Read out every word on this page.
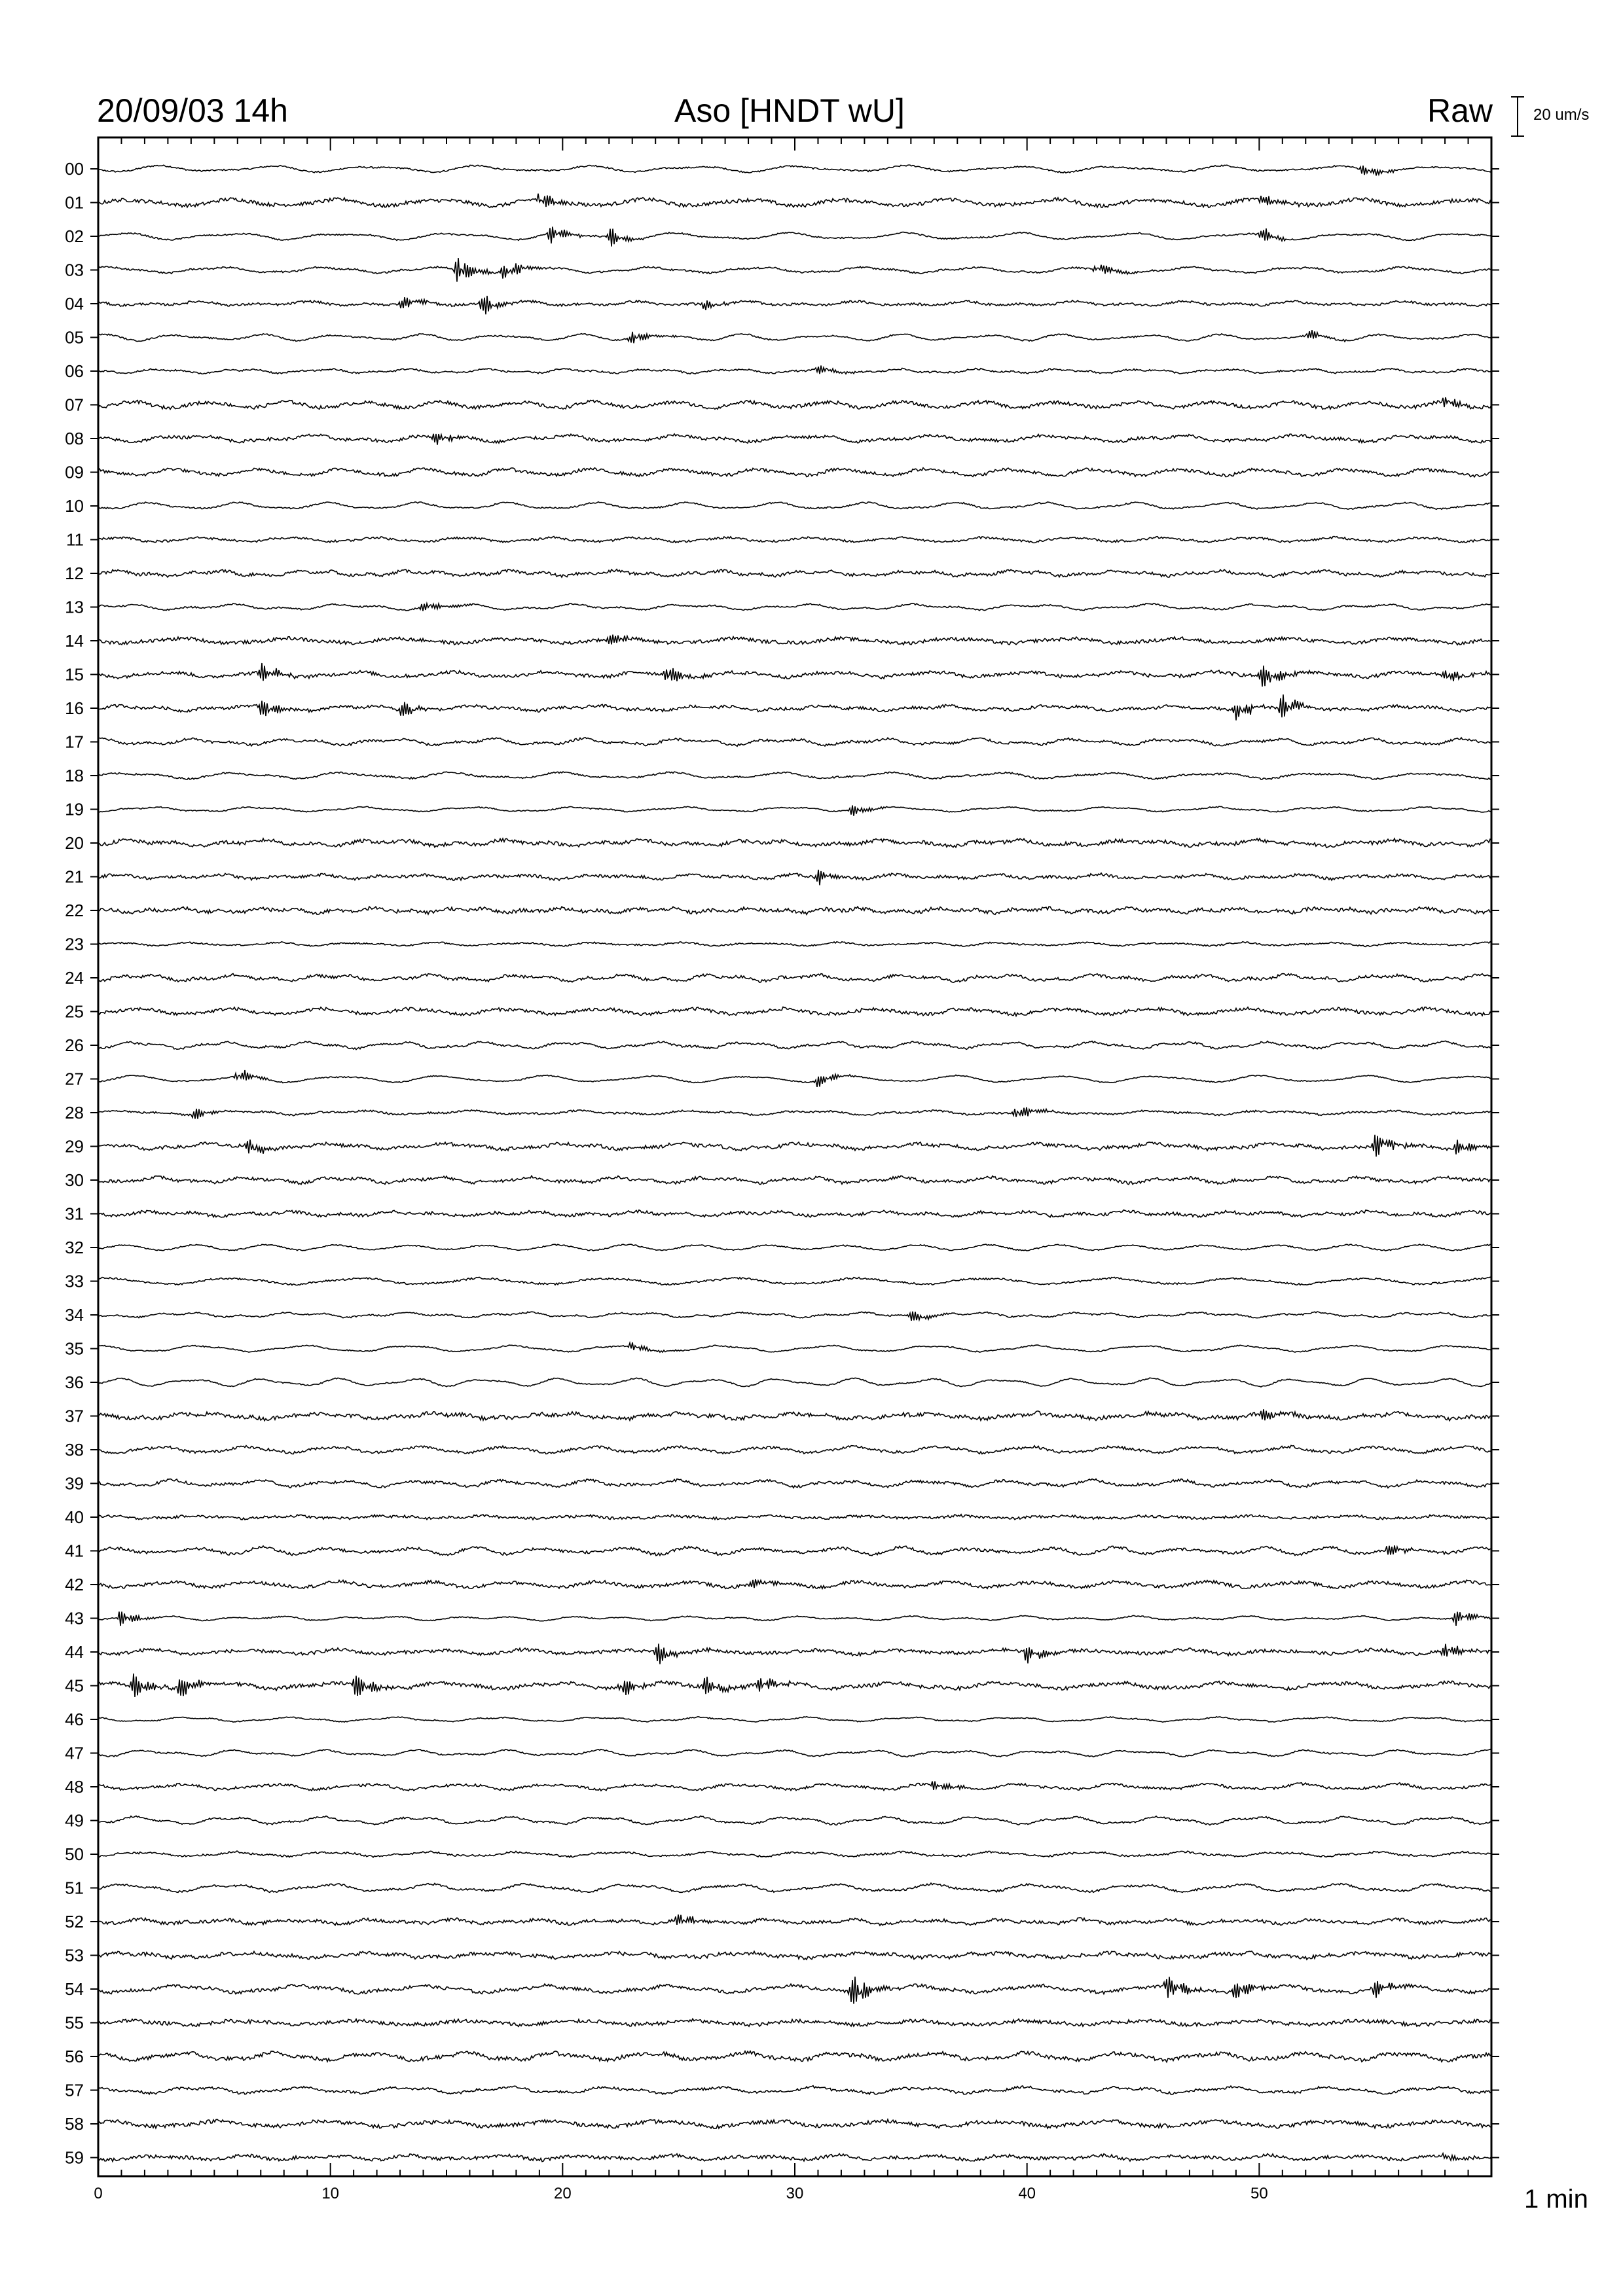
20/09/03 14h	Aso [HNDT wU]	Raw	20 um/s
1 min
00
01
02
03
04
05
06
07
08
09
10
11
12
13
14
15
16
17
18
19
20
21
22
23
24
25
26
27
28
29
30
31
32
33
34
35
36
37
38
39
40
41
42
43
44
45
46
47
48
49
50
51
52
53
54
55
56
57
58
59
0	10	20	30	40	50
